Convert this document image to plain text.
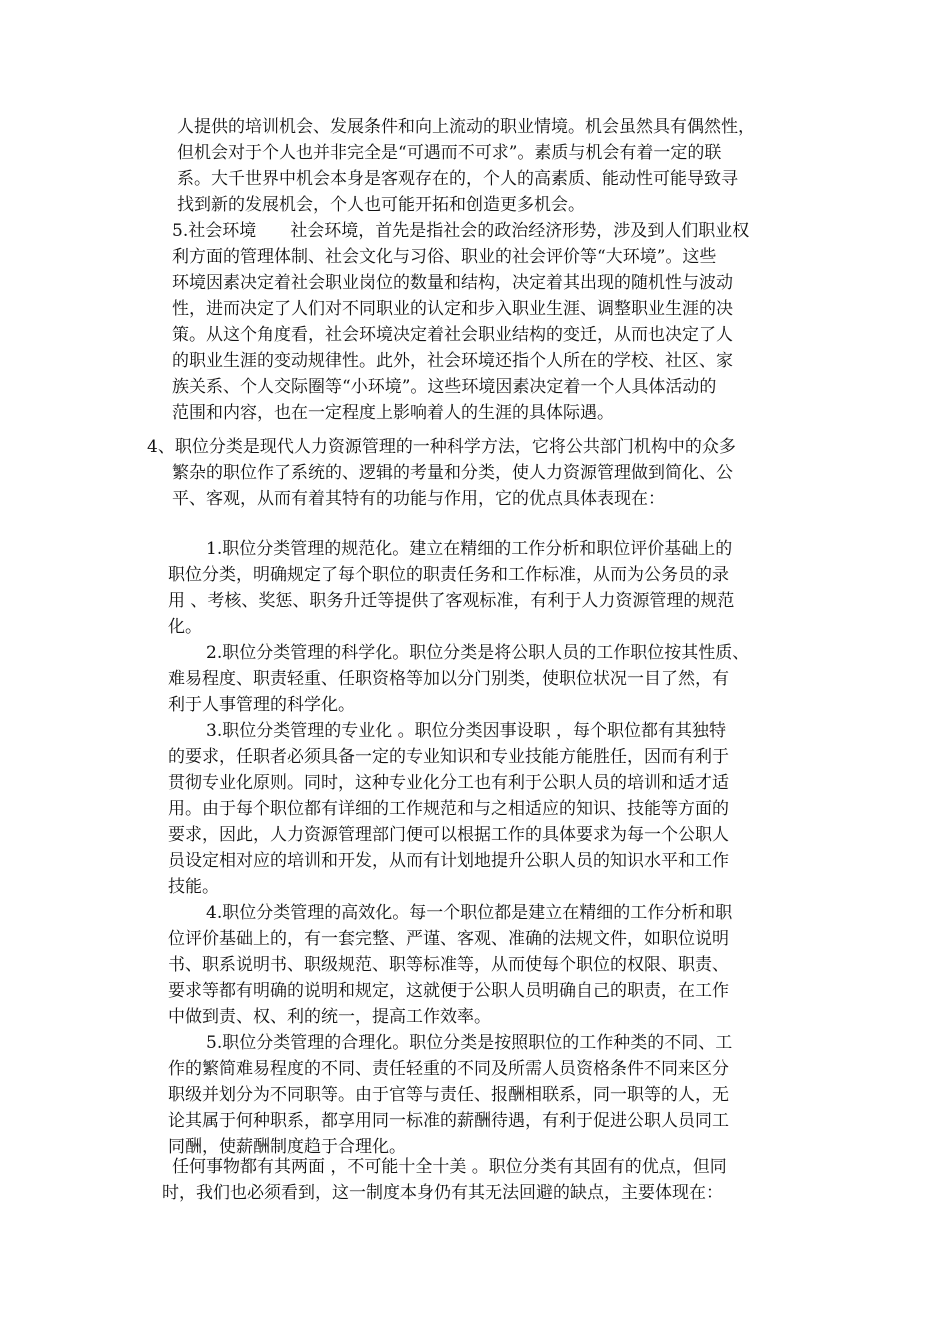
人提供的培训机会、发展条件和向上流动的职业情境。机会虽然具有偶然性，
但机会对于个人也并非完全是“可遇而不可求”。素质与机会有着一定的联
系。大千世界中机会本身是客观存在的，个人的高素质、能动性可能导致寻
找到新的发展机会，个人也可能开拓和创造更多机会。
5.社会环境　　社会环境，首先是指社会的政治经济形势，涉及到人们职业权
利方面的管理体制、社会文化与习俗、职业的社会评价等“大环境”。这些
环境因素决定着社会职业岗位的数量和结构，决定着其出现的随机性与波动
性，进而决定了人们对不同职业的认定和步入职业生涯、调整职业生涯的决
策。从这个角度看，社会环境决定着社会职业结构的变迁，从而也决定了人
的职业生涯的变动规律性。此外，社会环境还指个人所在的学校、社区、家
族关系、个人交际圈等“小环境”。这些环境因素决定着一个人具体活动的
范围和内容，也在一定程度上影响着人的生涯的具体际遇。
4、职位分类是现代人力资源管理的一种科学方法，它将公共部门机构中的众多
繁杂的职位作了系统的、逻辑的考量和分类，使人力资源管理做到简化、公
平、客观，从而有着其特有的功能与作用，它的优点具体表现在：
1.职位分类管理的规范化。建立在精细的工作分析和职位评价基础上的
职位分类，明确规定了每个职位的职责任务和工作标准，从而为公务员的录
用 、考核、奖惩、职务升迁等提供了客观标准，有利于人力资源管理的规范
化。
2.职位分类管理的科学化。职位分类是将公职人员的工作职位按其性质、
难易程度、职责轻重、任职资格等加以分门别类，使职位状况一目了然，有
利于人事管理的科学化。
3.职位分类管理的专业化 。职位分类因事设职 ，每个职位都有其独特
的要求，任职者必须具备一定的专业知识和专业技能方能胜任，因而有利于
贯彻专业化原则。同时，这种专业化分工也有利于公职人员的培训和适才适
用。由于每个职位都有详细的工作规范和与之相适应的知识、技能等方面的
要求，因此，人力资源管理部门便可以根据工作的具体要求为每一个公职人
员设定相对应的培训和开发，从而有计划地提升公职人员的知识水平和工作
技能。
4.职位分类管理的高效化。每一个职位都是建立在精细的工作分析和职
位评价基础上的，有一套完整、严谨、客观、准确的法规文件，如职位说明
书、职系说明书、职级规范、职等标准等，从而使每个职位的权限、职责、
要求等都有明确的说明和规定，这就便于公职人员明确自己的职责，在工作
中做到责、权、利的统一，提高工作效率。
5.职位分类管理的合理化。职位分类是按照职位的工作种类的不同、工
作的繁简难易程度的不同、责任轻重的不同及所需人员资格条件不同来区分
职级并划分为不同职等。由于官等与责任、报酬相联系，同一职等的人，无
论其属于何种职系，都享用同一标准的薪酬待遇，有利于促进公职人员同工
同酬，使薪酬制度趋于合理化。
任何事物都有其两面 ，不可能十全十美 。职位分类有其固有的优点，但同
时，我们也必须看到，这一制度本身仍有其无法回避的缺点，主要体现在：
